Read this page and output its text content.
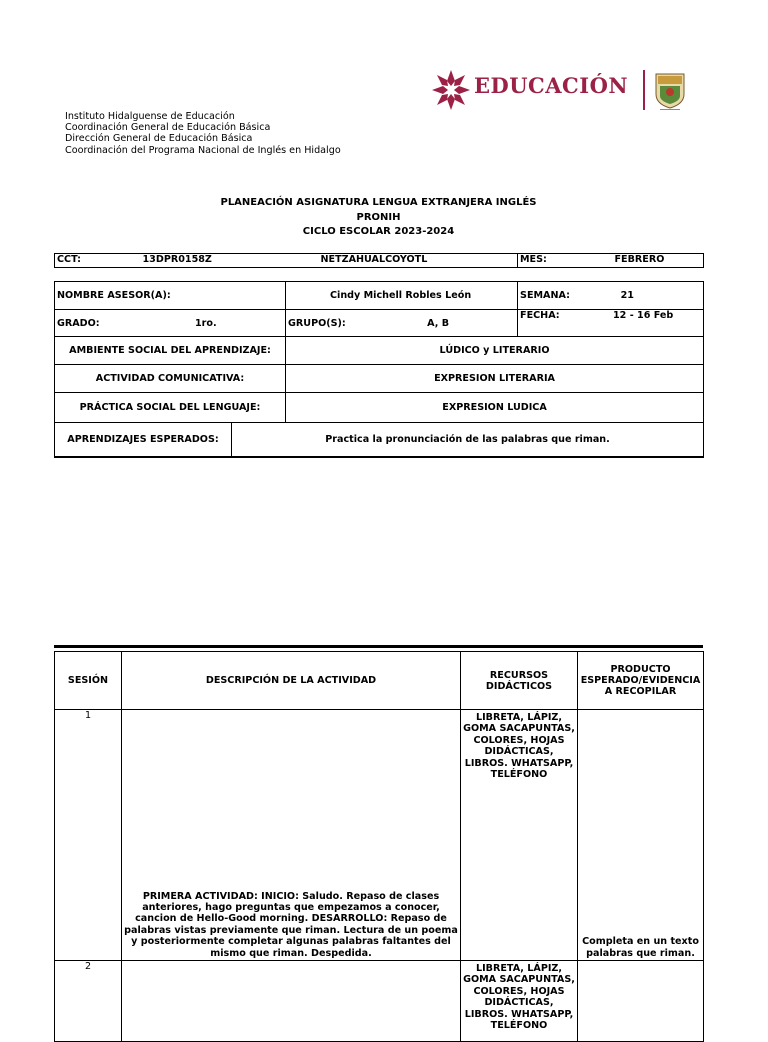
EDUCACIÓN
Instituto Hidalguense de Educación
Coordinación General de Educación Básica
Dirección General de Educación Básica
Coordinación del Programa Nacional de Inglés en Hidalgo
PLANEACIÓN ASIGNATURA LENGUA EXTRANJERA INGLÉS
PRONIH
CICLO ESCOLAR 2023-2024
CCT:	13DPR0158Z	NETZAHUALCOYOTL	MES:	FEBRERO
NOMBRE ASESOR(A):		Cindy Michell Robles León	SEMANA: 21
GRADO: 1ro.		GRUPO(S): A, B	FECHA: 12 - 16 Feb
AMBIENTE SOCIAL DEL APRENDIZAJE:		LÚDICO y LITERARIO	
ACTIVIDAD COMUNICATIVA:		EXPRESION LITERARIA	
PRÁCTICA SOCIAL DEL LENGUAJE:		EXPRESION LUDICA	
APRENDIZAJES ESPERADOS:	Practica la pronunciación de las palabras que riman.		
SESIÓN	DESCRIPCIÓN DE LA ACTIVIDAD	RECURSOS DIDÁCTICOS	PRODUCTO ESPERADO/EVIDENCIA A RECOPILAR
1	PRIMERA ACTIVIDAD: INICIO: Saludo. Repaso de clases anteriores, hago preguntas que empezamos a conocer, cancion de Hello-Good morning. DESARROLLO: Repaso de palabras vistas previamente que riman. Lectura de un poema y posteriormente completar algunas palabras faltantes del mismo que riman. Despedida.	LIBRETA, LÁPIZ, GOMA SACAPUNTAS, COLORES, HOJAS DIDÁCTICAS, LIBROS. WHATSAPP, TELÉFONO	Completa en un texto palabras que riman.
2		LIBRETA, LÁPIZ, GOMA SACAPUNTAS, COLORES, HOJAS DIDÁCTICAS, LIBROS. WHATSAPP, TELÉFONO	
